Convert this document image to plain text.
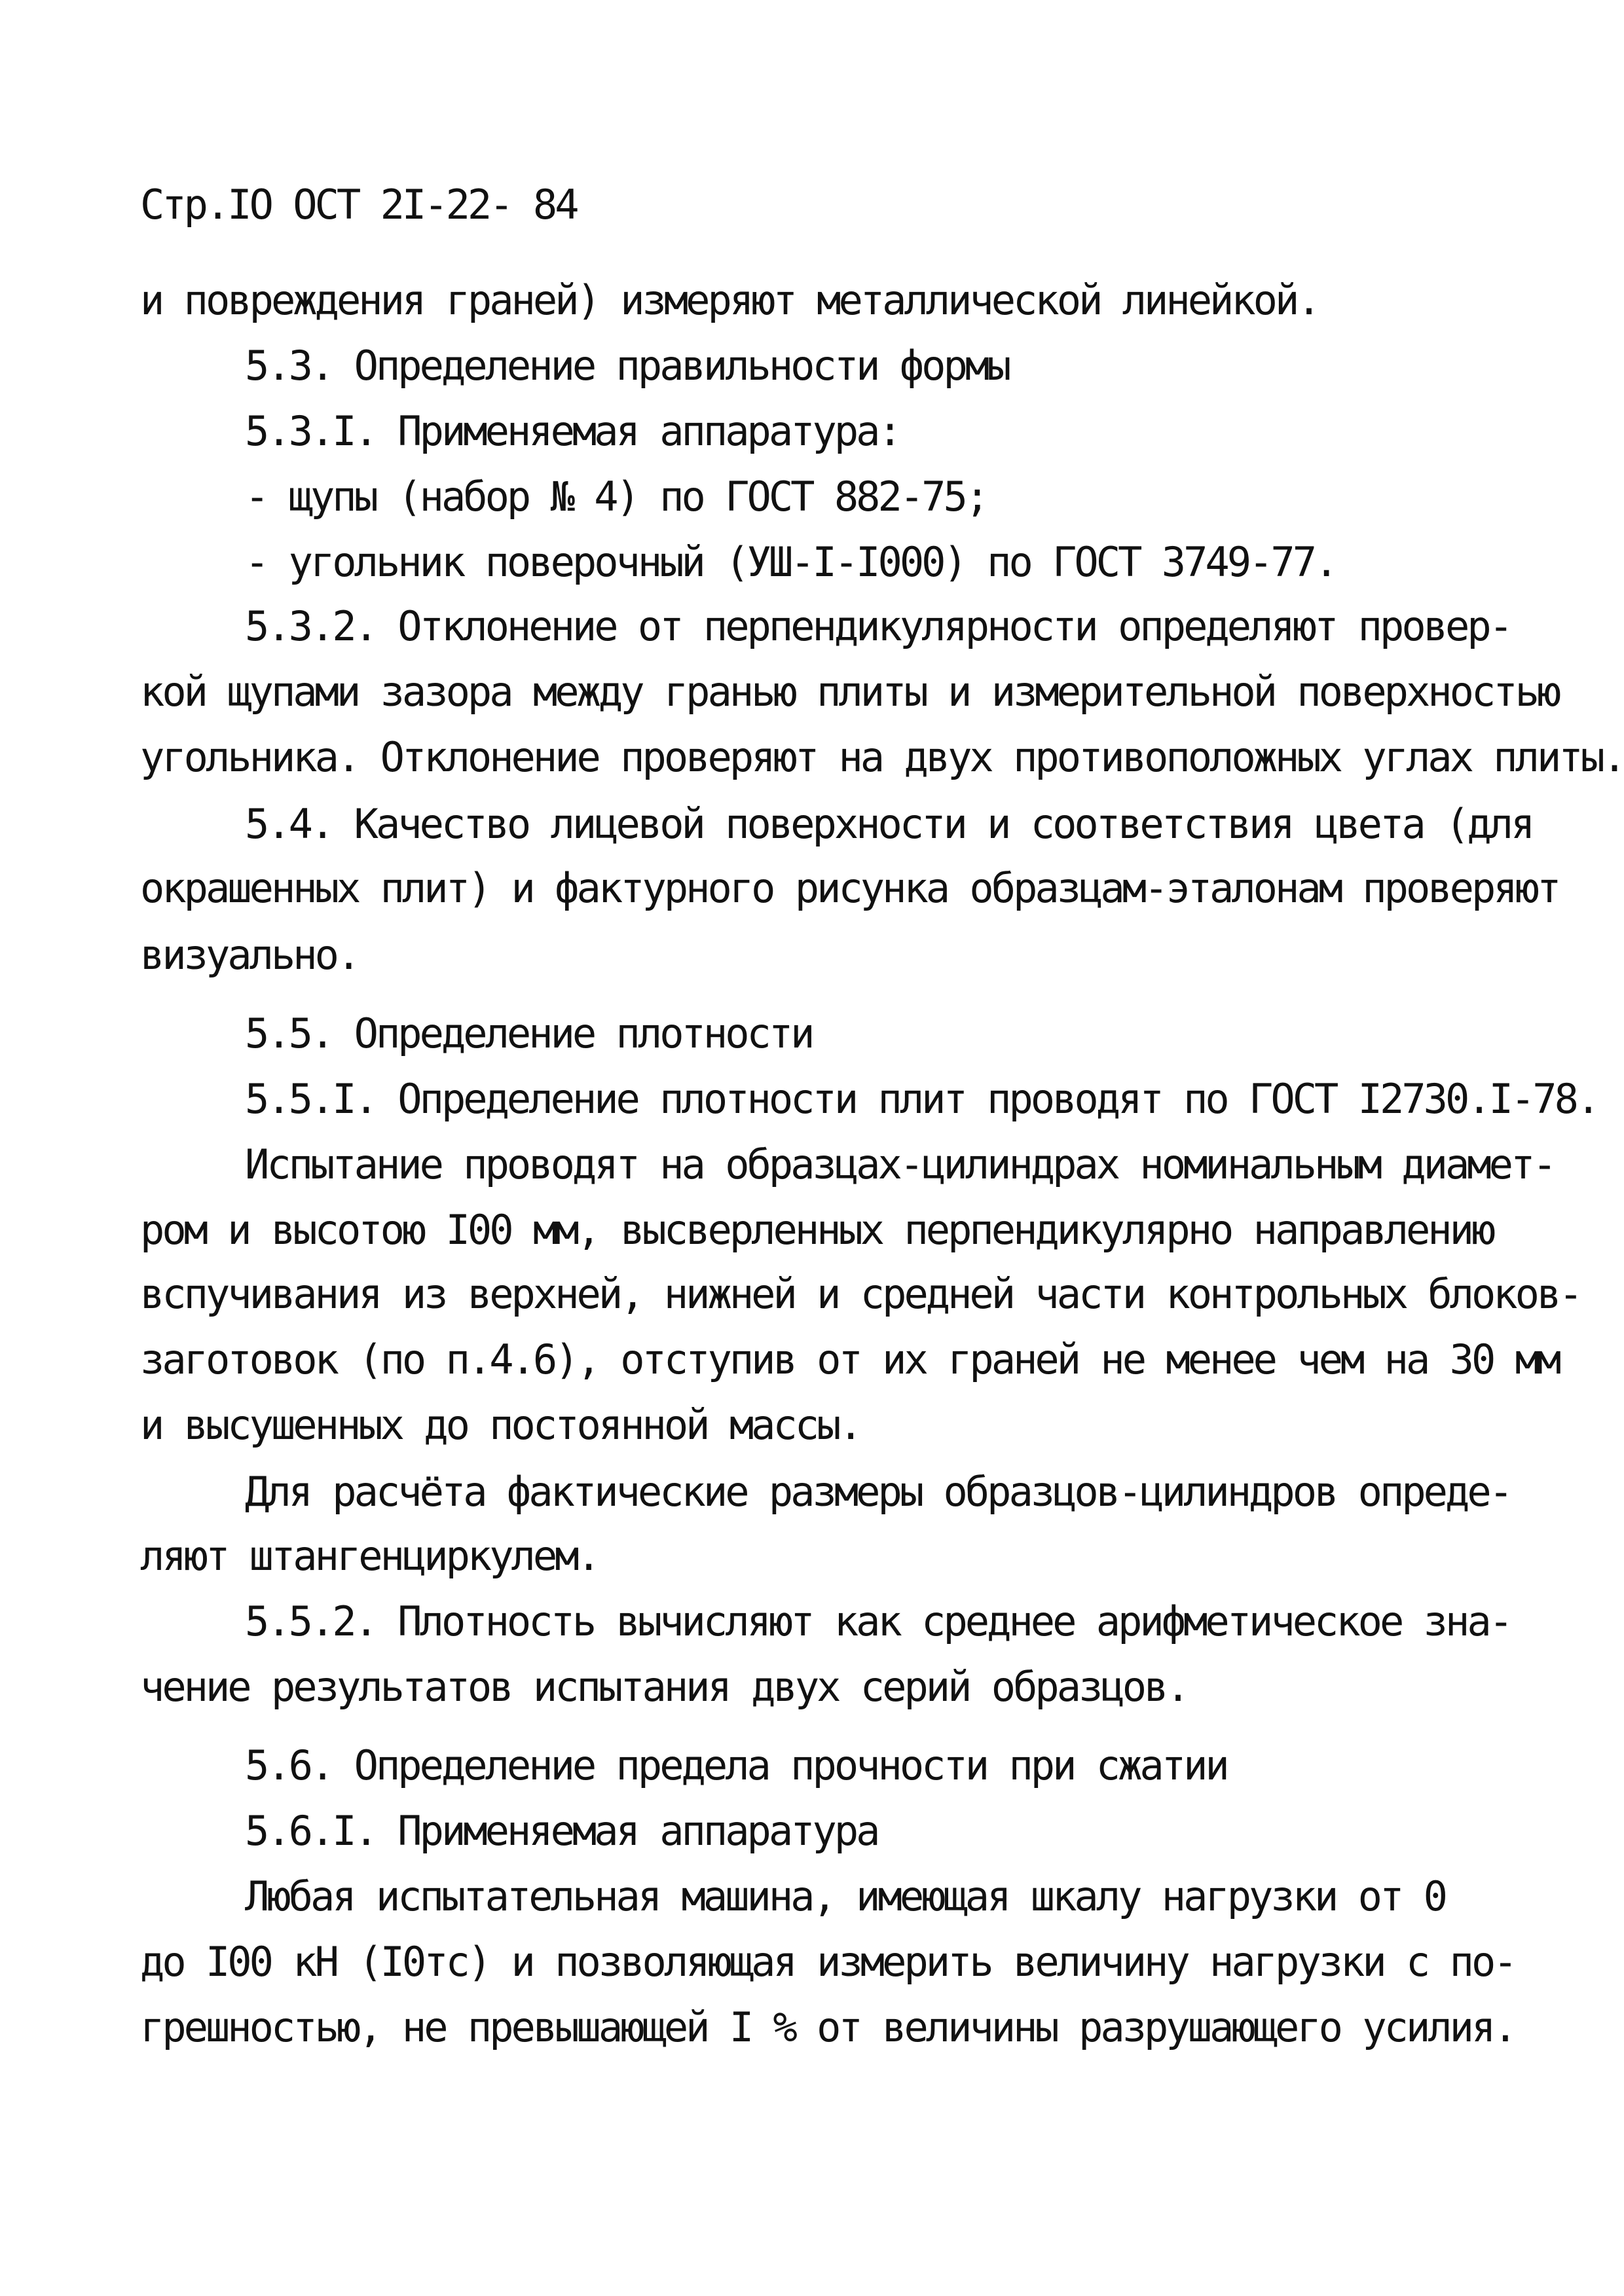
Стр.IO ОСТ 2I-22- 84
и повреждения граней) измеряют металлической линейкой.
5.3. Определение правильности формы
5.3.I. Применяемая аппаратура:
- щупы (набор № 4) по ГОСТ 882-75;
- угольник поверочный (УШ-I-I000) по ГОСТ 3749-77.
5.3.2. Отклонение от перпендикулярности определяют провер-
кой щупами зазора между гранью плиты и измерительной поверхностью
угольника. Отклонение проверяют на двух противоположных углах плиты.
5.4. Качество лицевой поверхности и соответствия цвета (для
окрашенных плит) и фактурного рисунка образцам-эталонам проверяют
визуально.
5.5. Определение плотности
5.5.I. Определение плотности плит проводят по ГОСТ I2730.I-78.
Испытание проводят на образцах-цилиндрах номинальным диамет-
ром и высотою I00 мм, высверленных перпендикулярно направлению
вспучивания из верхней, нижней и средней части контрольных блоков-
заготовок (по п.4.6), отступив от их граней не менее чем на 30 мм
и высушенных до постоянной массы.
Для расчёта фактические размеры образцов-цилиндров опреде-
ляют штангенциркулем.
5.5.2. Плотность вычисляют как среднее арифметическое зна-
чение результатов испытания двух серий образцов.
5.6. Определение предела прочности при сжатии
5.6.I. Применяемая аппаратура
Любая испытательная машина, имеющая шкалу нагрузки от 0
до I00 кН (I0тс) и позволяющая измерить величину нагрузки с по-
грешностью, не превышающей I % от величины разрушающего усилия.
